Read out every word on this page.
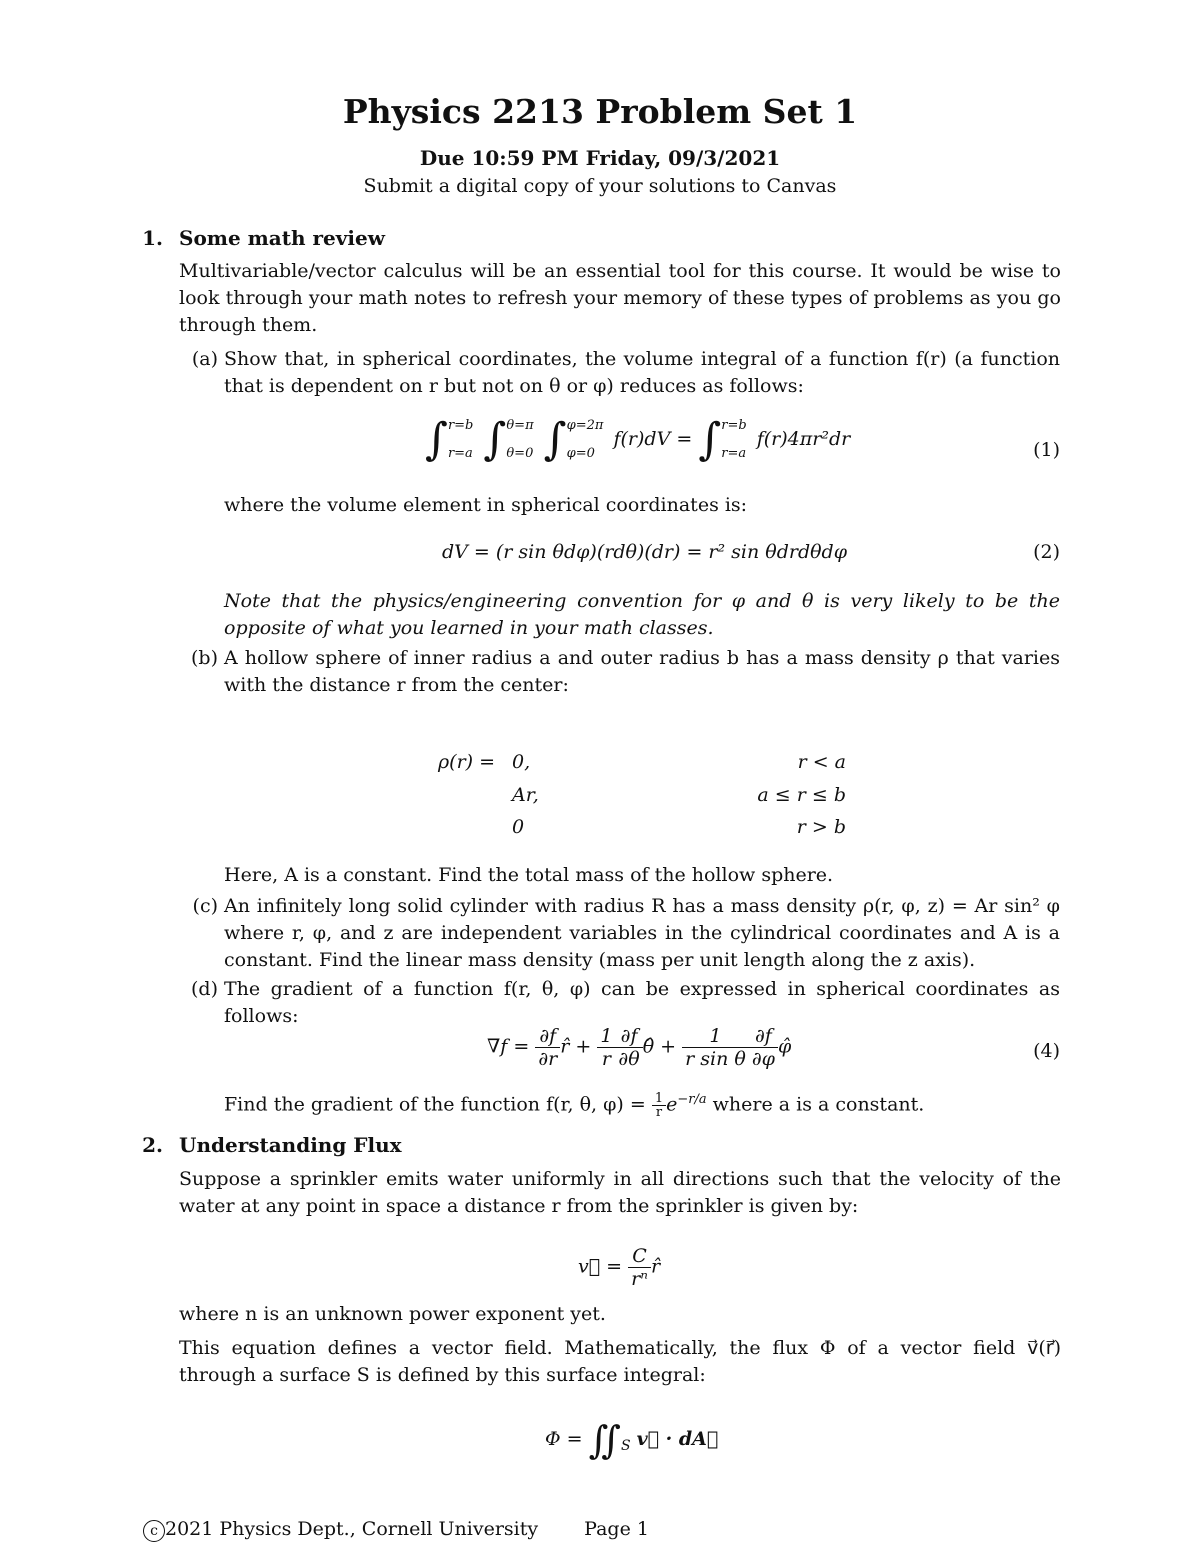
Physics 2213 Problem Set 1
Due 10:59 PM Friday, 09/3/2021
Submit a digital copy of your solutions to Canvas
1. Some math review
Multivariable/vector calculus will be an essential tool for this course. It would be wise to look through your math notes to refresh your memory of these types of problems as you go through them.
(a) Show that, in spherical coordinates, the volume integral of a function f(r) (a function that is dependent on r but not on θ or φ) reduces as follows:
∫ r=b
r=a ∫ θ=π
θ=0 ∫ φ=2π
φ=0
f(r)dV = ∫ r=b
r=a
f(r)4πr²dr	(1)
where the volume element in spherical coordinates is:
dV = (r sin θdφ)(rdθ)(dr) = r² sin θdrdθdφ	(2)
Note that the physics/engineering convention for φ and θ is very likely to be the opposite of what you learned in your math classes.
(b) A hollow sphere of inner radius a and outer radius b has a mass density ρ that varies with the distance r from the center:
ρ(r) = 0,	r < a
Ar,	a ≤ r ≤ b
0	r > b
Here, A is a constant. Find the total mass of the hollow sphere.
(c) An infinitely long solid cylinder with radius R has a mass density ρ(r, φ, z) = Ar sin² φ where r, φ, and z are independent variables in the cylindrical coordinates and A is a constant. Find the linear mass density (mass per unit length along the z axis).
(d) The gradient of a function f(r, θ, φ) can be expressed in spherical coordinates as follows:
$\nabla f = \frac{\partial f}{\partial r}$ r̂ + $\frac{1}{r} \frac{\partial f}{\partial\theta}$ θ̂ + $\frac{1}{\text{r sin θ}} \frac{\partial f}{\partial\varphi}$ φ̂	(4)
Find the gradient of the function f(r, θ, $\varphi) = \frac{1}{r} e^{-r/a}$ where a is a constant.
2. Understanding Flux
Suppose a sprinkler emits water uniformly in all directions such that the velocity of the water at any point in space a distance r from the sprinkler is given by:
v⃗ = $\frac{C}{\text{rⁿ}}$ r̂
where n is an unknown power exponent yet.
This equation defines a vector field. Mathematically, the flux Φ of a vector field v⃗(r⃗) through a surface S is defined by this surface integral:
$\Phi = ∬_S$ v⃗ · dA⃗
c 2021 Physics Dept., Cornell University Page 1
